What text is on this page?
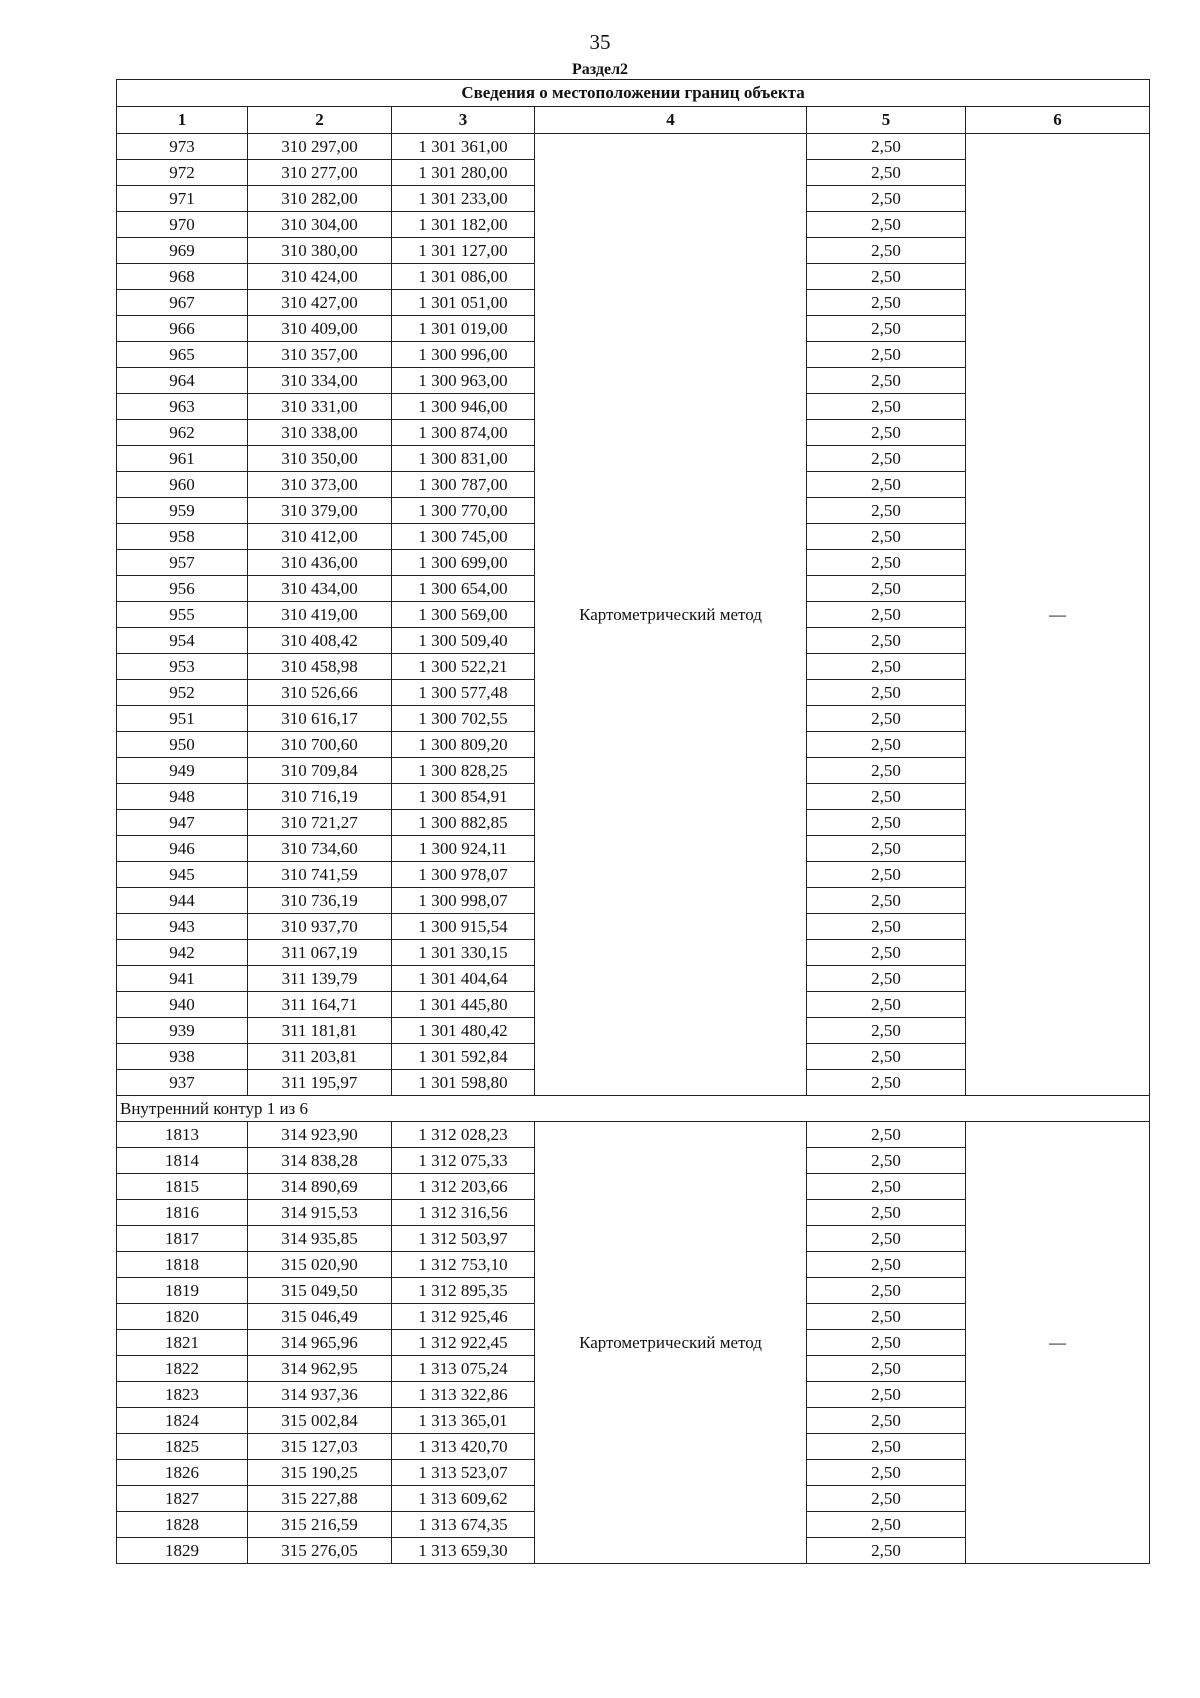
35
Раздел2
Сведения о местоположении границ объекта					
1	2	3	4	5	6
973	310 297,00	1 301 361,00	Картометрический метод	2,50	—
972	310 277,00	1 301 280,00		2,50	
971	310 282,00	1 301 233,00		2,50	
970	310 304,00	1 301 182,00		2,50	
969	310 380,00	1 301 127,00		2,50	
968	310 424,00	1 301 086,00		2,50	
967	310 427,00	1 301 051,00		2,50	
966	310 409,00	1 301 019,00		2,50	
965	310 357,00	1 300 996,00		2,50	
964	310 334,00	1 300 963,00		2,50	
963	310 331,00	1 300 946,00		2,50	
962	310 338,00	1 300 874,00		2,50	
961	310 350,00	1 300 831,00		2,50	
960	310 373,00	1 300 787,00		2,50	
959	310 379,00	1 300 770,00		2,50	
958	310 412,00	1 300 745,00		2,50	
957	310 436,00	1 300 699,00		2,50	
956	310 434,00	1 300 654,00		2,50	
955	310 419,00	1 300 569,00		2,50	
954	310 408,42	1 300 509,40		2,50	
953	310 458,98	1 300 522,21		2,50	
952	310 526,66	1 300 577,48		2,50	
951	310 616,17	1 300 702,55		2,50	
950	310 700,60	1 300 809,20		2,50	
949	310 709,84	1 300 828,25		2,50	
948	310 716,19	1 300 854,91		2,50	
947	310 721,27	1 300 882,85		2,50	
946	310 734,60	1 300 924,11		2,50	
945	310 741,59	1 300 978,07		2,50	
944	310 736,19	1 300 998,07		2,50	
943	310 937,70	1 300 915,54		2,50	
942	311 067,19	1 301 330,15		2,50	
941	311 139,79	1 301 404,64		2,50	
940	311 164,71	1 301 445,80		2,50	
939	311 181,81	1 301 480,42		2,50	
938	311 203,81	1 301 592,84		2,50	
937	311 195,97	1 301 598,80		2,50	
Внутренний контур 1 из 6					
1813	314 923,90	1 312 028,23	Картометрический метод	2,50	—
1814	314 838,28	1 312 075,33		2,50	
1815	314 890,69	1 312 203,66		2,50	
1816	314 915,53	1 312 316,56		2,50	
1817	314 935,85	1 312 503,97		2,50	
1818	315 020,90	1 312 753,10		2,50	
1819	315 049,50	1 312 895,35		2,50	
1820	315 046,49	1 312 925,46		2,50	
1821	314 965,96	1 312 922,45		2,50	
1822	314 962,95	1 313 075,24		2,50	
1823	314 937,36	1 313 322,86		2,50	
1824	315 002,84	1 313 365,01		2,50	
1825	315 127,03	1 313 420,70		2,50	
1826	315 190,25	1 313 523,07		2,50	
1827	315 227,88	1 313 609,62		2,50	
1828	315 216,59	1 313 674,35		2,50	
1829	315 276,05	1 313 659,30		2,50	
